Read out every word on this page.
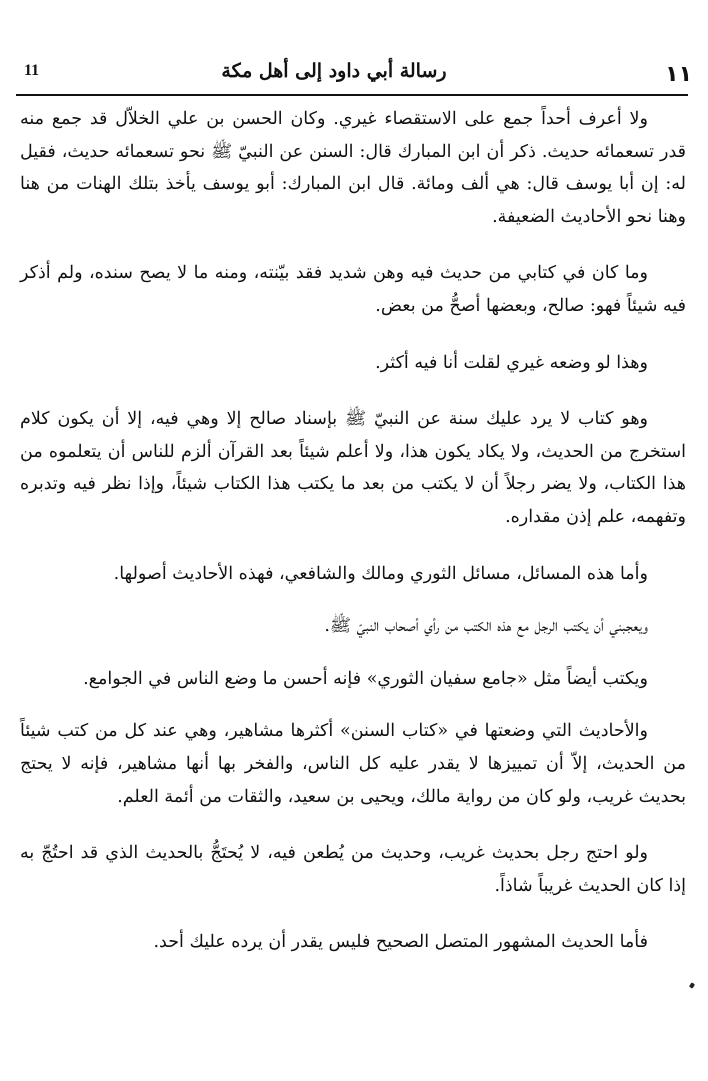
11	رسالة أبي داود إلى أهل مكة	١١

ولا أعرف أحداً جمع على الاستقصاء غيري. وكان الحسن بن علي الخلاّل قد جمع منه قدر تسعمائه حديث. ذكر أن ابن المبارك قال: السنن عن النبيّ ﷺ نحو تسعمائه حديث، فقيل له: إن أبا يوسف قال: هي ألف ومائة. قال ابن المبارك: أبو يوسف يأخذ بتلك الهنات من هنا وهنا نحو الأحاديث الضعيفة.

وما كان في كتابي من حديث فيه وهن شديد فقد بيّنته، ومنه ما لا يصح سنده، ولم أذكر فيه شيئاً فهو: صالح، وبعضها أصحُّ من بعض.

وهذا لو وضعه غيري لقلت أنا فيه أكثر.

وهو كتاب لا يرد عليك سنة عن النبيّ ﷺ بإسناد صالح إلا وهي فيه، إلا أن يكون كلام استخرج من الحديث، ولا يكاد يكون هذا، ولا أعلم شيئاً بعد القرآن ألزم للناس أن يتعلموه من هذا الكتاب، ولا يضر رجلاً أن لا يكتب من بعد ما يكتب هذا الكتاب شيئاً، وإذا نظر فيه وتدبره وتفهمه، علم إذن مقداره.

وأما هذه المسائل، مسائل الثوري ومالك والشافعي، فهذه الأحاديث أصولها.

ويعجبني أن يكتب الرجل مع هذه الكتب من رأي أصحاب النبيّ ﷺ.

ويكتب أيضاً مثل «جامع سفيان الثوري» فإنه أحسن ما وضع الناس في الجوامع.

والأحاديث التي وضعتها في «كتاب السنن» أكثرها مشاهير، وهي عند كل من كتب شيئاً من الحديث، إلاّ أن تمييزها لا يقدر عليه كل الناس، والفخر بها أنها مشاهير، فإنه لا يحتج بحديث غريب، ولو كان من رواية مالك، ويحيى بن سعيد، والثقات من أئمة العلم.

ولو احتج رجل بحديث غريب، وحديث من يُطعن فيه، لا يُحتَجُّ بالحديث الذي قد احتُجّ به إذا كان الحديث غريباً شاذاً.

فأما الحديث المشهور المتصل الصحيح فليس يقدر أن يرده عليك أحد.
